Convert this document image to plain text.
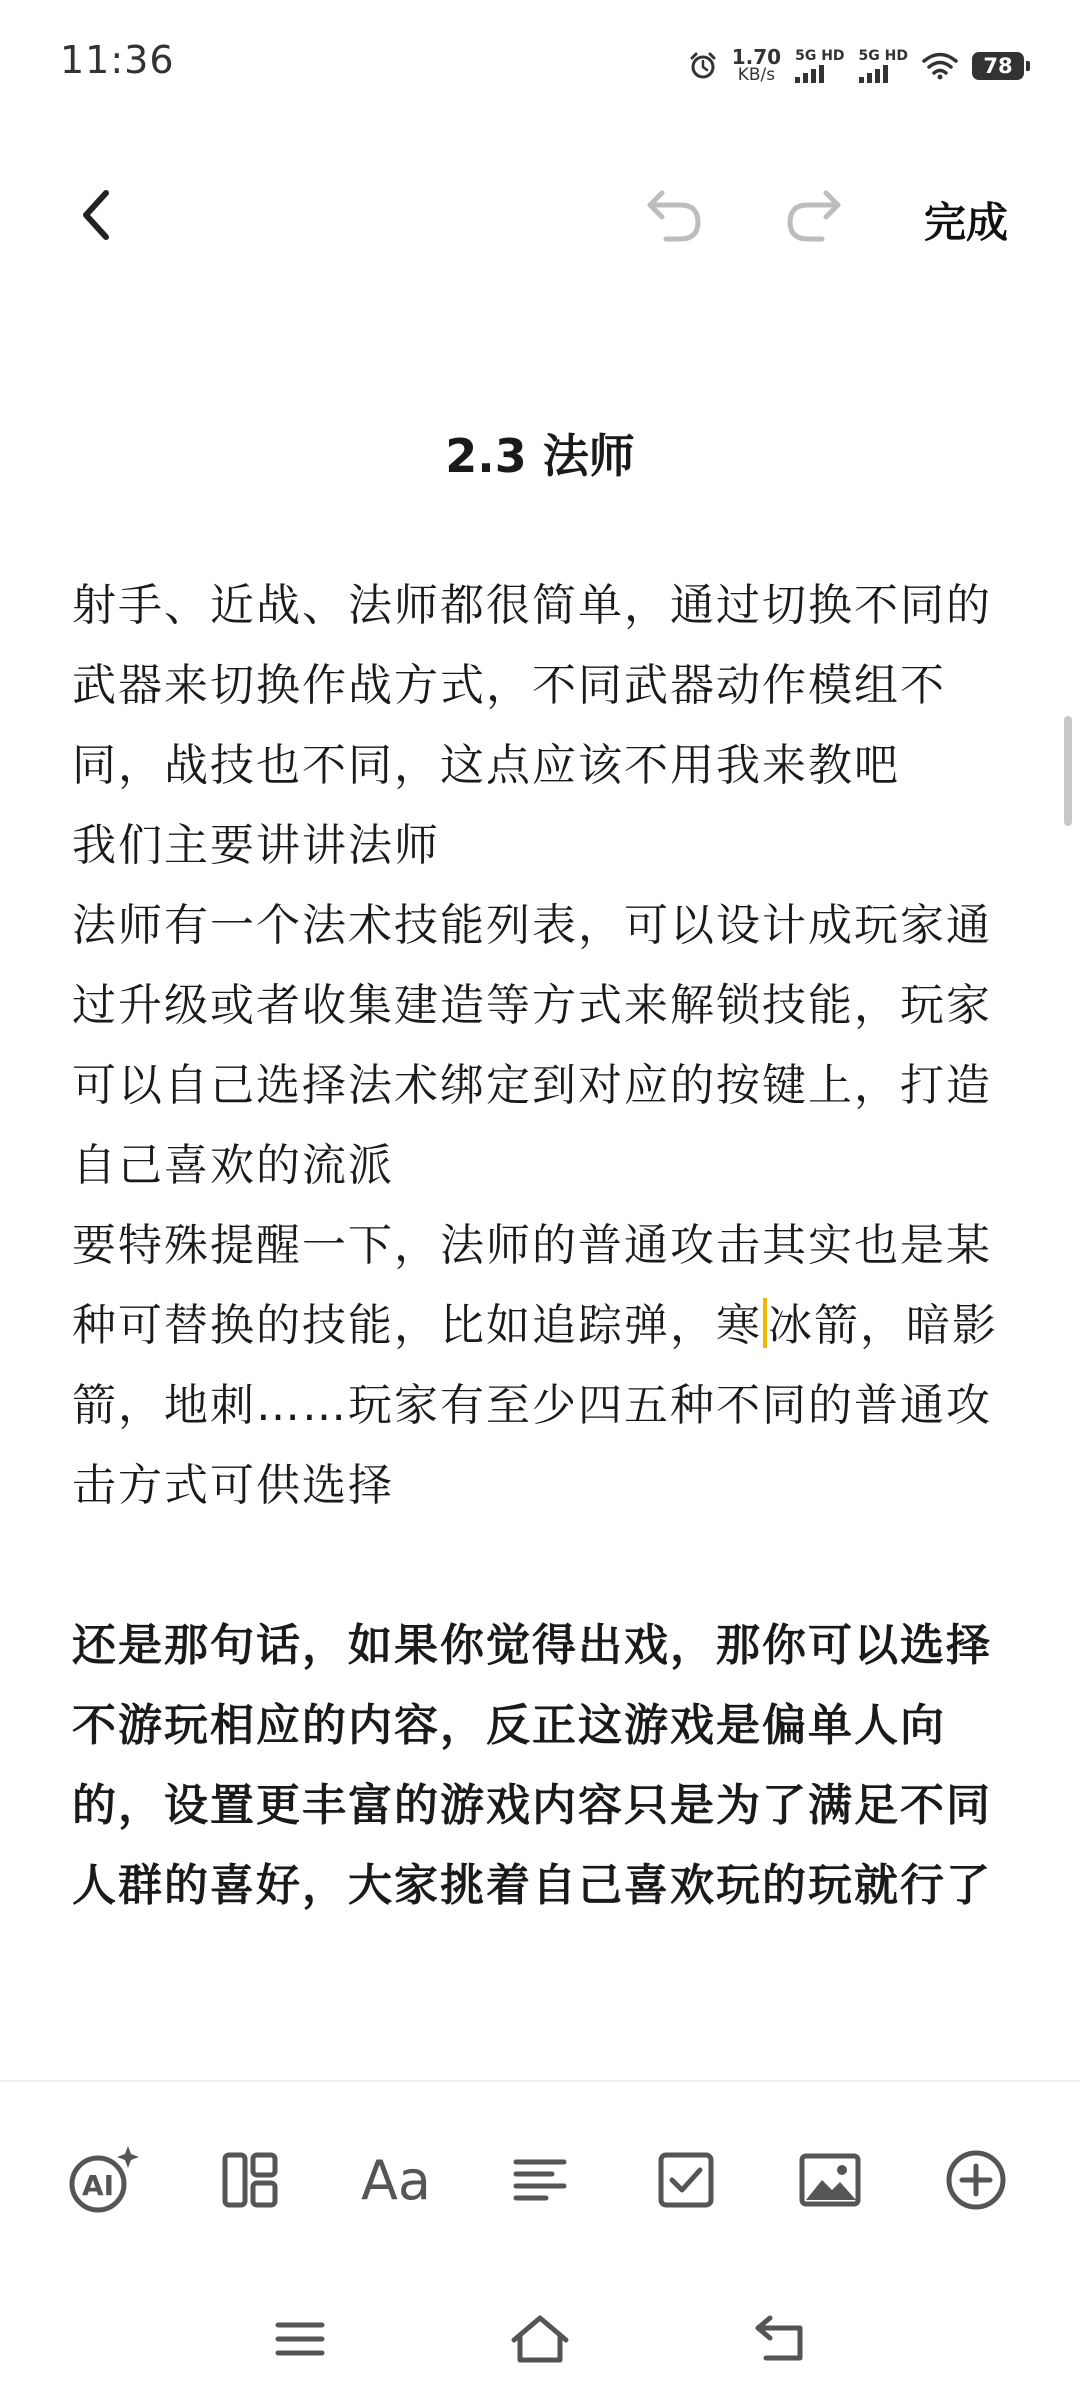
11:36	1.70
KB/s
5G HD 5G HD	78
完成
2.3 法师

射手、近战、法师都很简单，通过切换不同的武器来切换作战方式，不同武器动作模组不同，战技也不同，这点应该不用我来教吧

我们主要讲讲法师

法师有一个法术技能列表，可以设计成玩家通过升级或者收集建造等方式来解锁技能，玩家可以自己选择法术绑定到对应的按键上，打造自己喜欢的流派

要特殊提醒一下，法师的普通攻击其实也是某种可替换的技能，比如追踪弹，寒 冰箭，暗影箭，地刺……玩家有至少四五种不同的普通攻击方式可供选择

还是那句话，如果你觉得出戏，那你可以选择不游玩相应的内容，反正这游戏是偏单人向的，设置更丰富的游戏内容只是为了满足不同人群的喜好，大家挑着自己喜欢玩的玩就行了

AI	Aa
